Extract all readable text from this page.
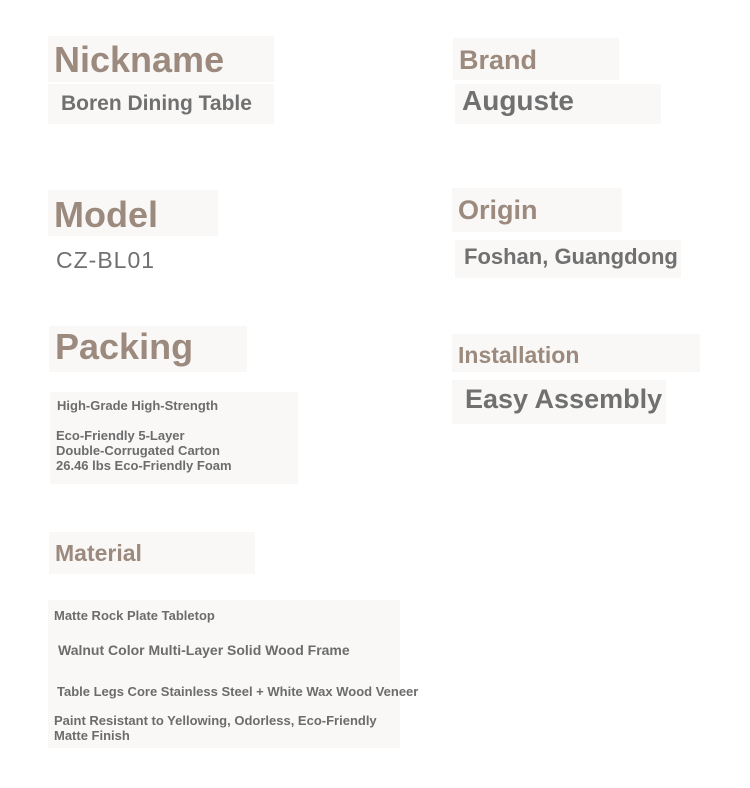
Nickname
Boren Dining Table
Brand
Auguste
Model
CZ-BL01
Origin
Foshan, Guangdong
Packing
High-Grade High-Strength
Eco-Friendly 5-Layer
Double-Corrugated Carton
26.46 lbs Eco-Friendly Foam
Installation
Easy Assembly
Material
Matte Rock Plate Tabletop
Walnut Color Multi-Layer Solid Wood Frame
Table Legs Core Stainless Steel + White Wax Wood Veneer
Paint Resistant to Yellowing, Odorless, Eco-Friendly
Matte Finish
